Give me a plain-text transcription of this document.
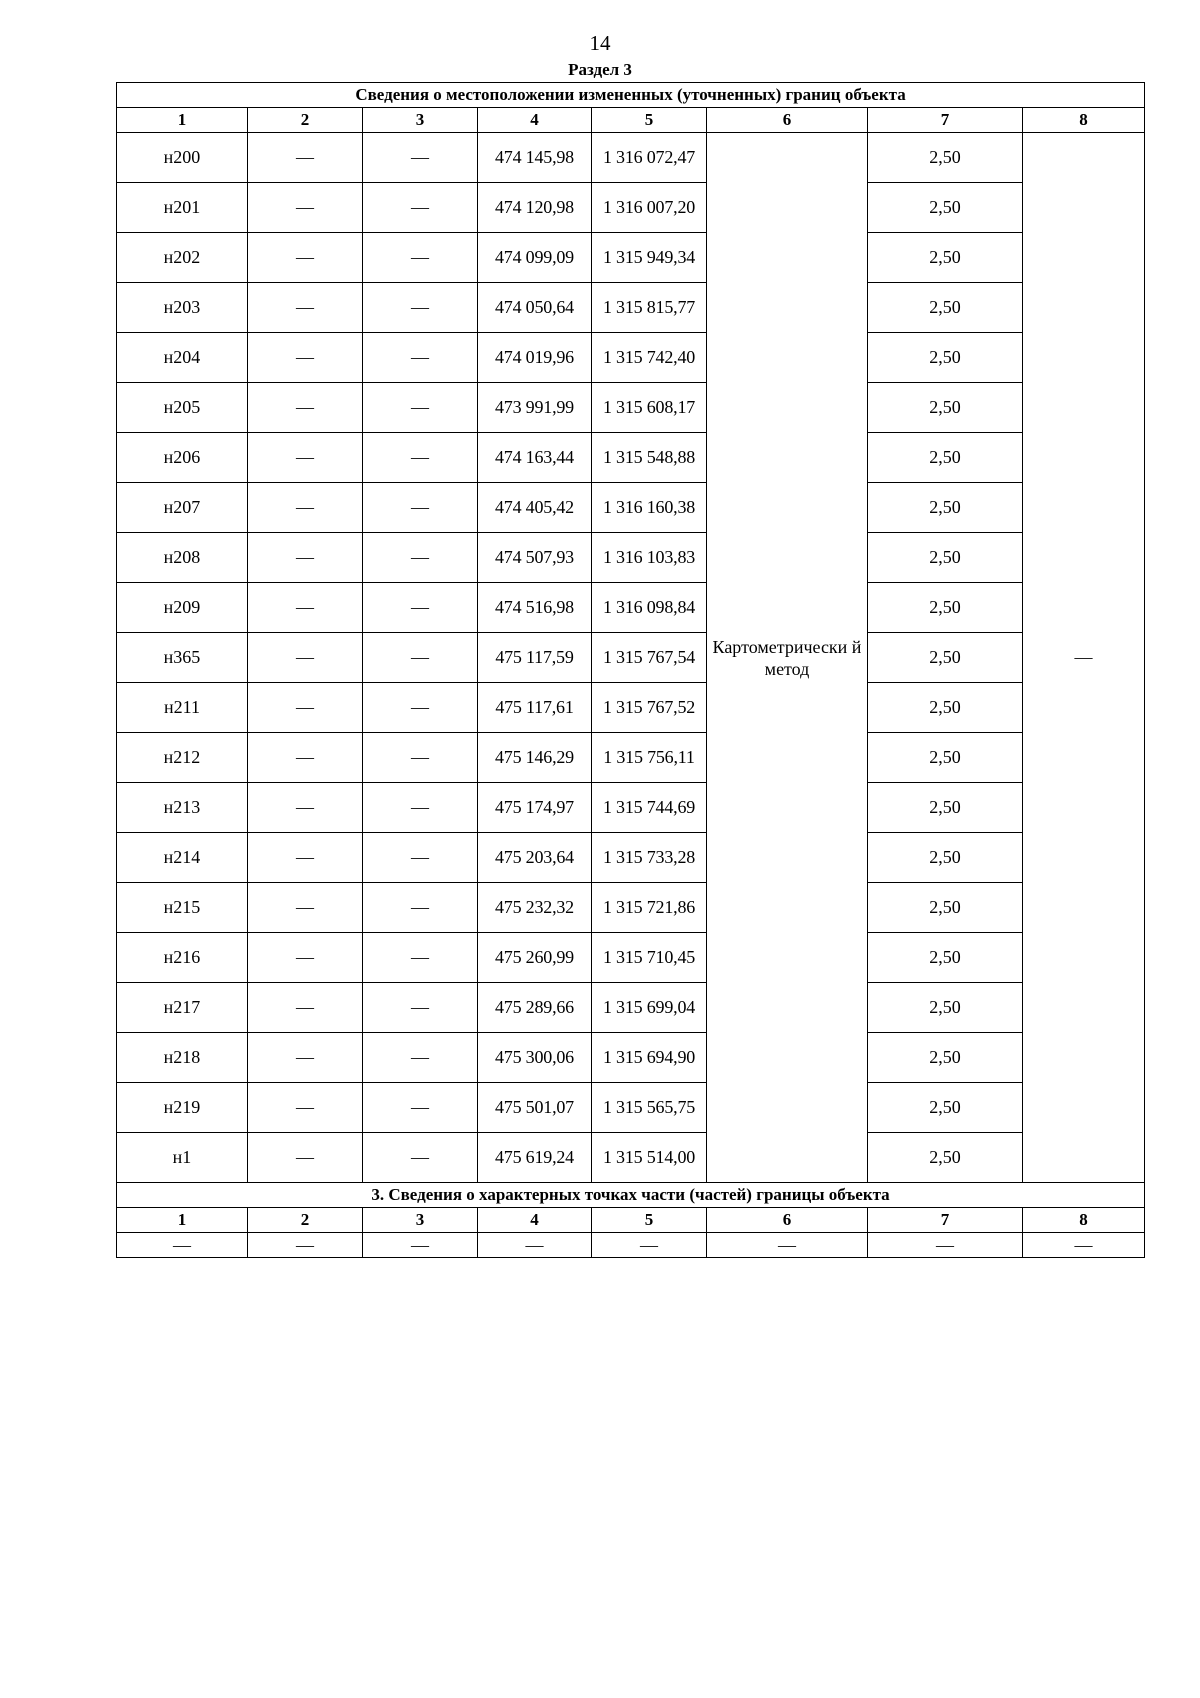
14
Раздел 3
Сведения о местоположении измененных (уточненных) границ объекта							
1	2	3	4	5	6	7	8
н200	—	—	474 145,98	1 316 072,47	Картометрически й метод	2,50	—
н201	—	—	474 120,98	1 316 007,20		2,50	
н202	—	—	474 099,09	1 315 949,34		2,50	
н203	—	—	474 050,64	1 315 815,77		2,50	
н204	—	—	474 019,96	1 315 742,40		2,50	
н205	—	—	473 991,99	1 315 608,17		2,50	
н206	—	—	474 163,44	1 315 548,88		2,50	
н207	—	—	474 405,42	1 316 160,38		2,50	
н208	—	—	474 507,93	1 316 103,83		2,50	
н209	—	—	474 516,98	1 316 098,84		2,50	
н365	—	—	475 117,59	1 315 767,54		2,50	
н211	—	—	475 117,61	1 315 767,52		2,50	
н212	—	—	475 146,29	1 315 756,11		2,50	
н213	—	—	475 174,97	1 315 744,69		2,50	
н214	—	—	475 203,64	1 315 733,28		2,50	
н215	—	—	475 232,32	1 315 721,86		2,50	
н216	—	—	475 260,99	1 315 710,45		2,50	
н217	—	—	475 289,66	1 315 699,04		2,50	
н218	—	—	475 300,06	1 315 694,90		2,50	
н219	—	—	475 501,07	1 315 565,75		2,50	
н1	—	—	475 619,24	1 315 514,00		2,50	
3. Сведения о характерных точках части (частей) границы объекта							
1	2	3	4	5	6	7	8
—	—	—	—	—	—	—	—
